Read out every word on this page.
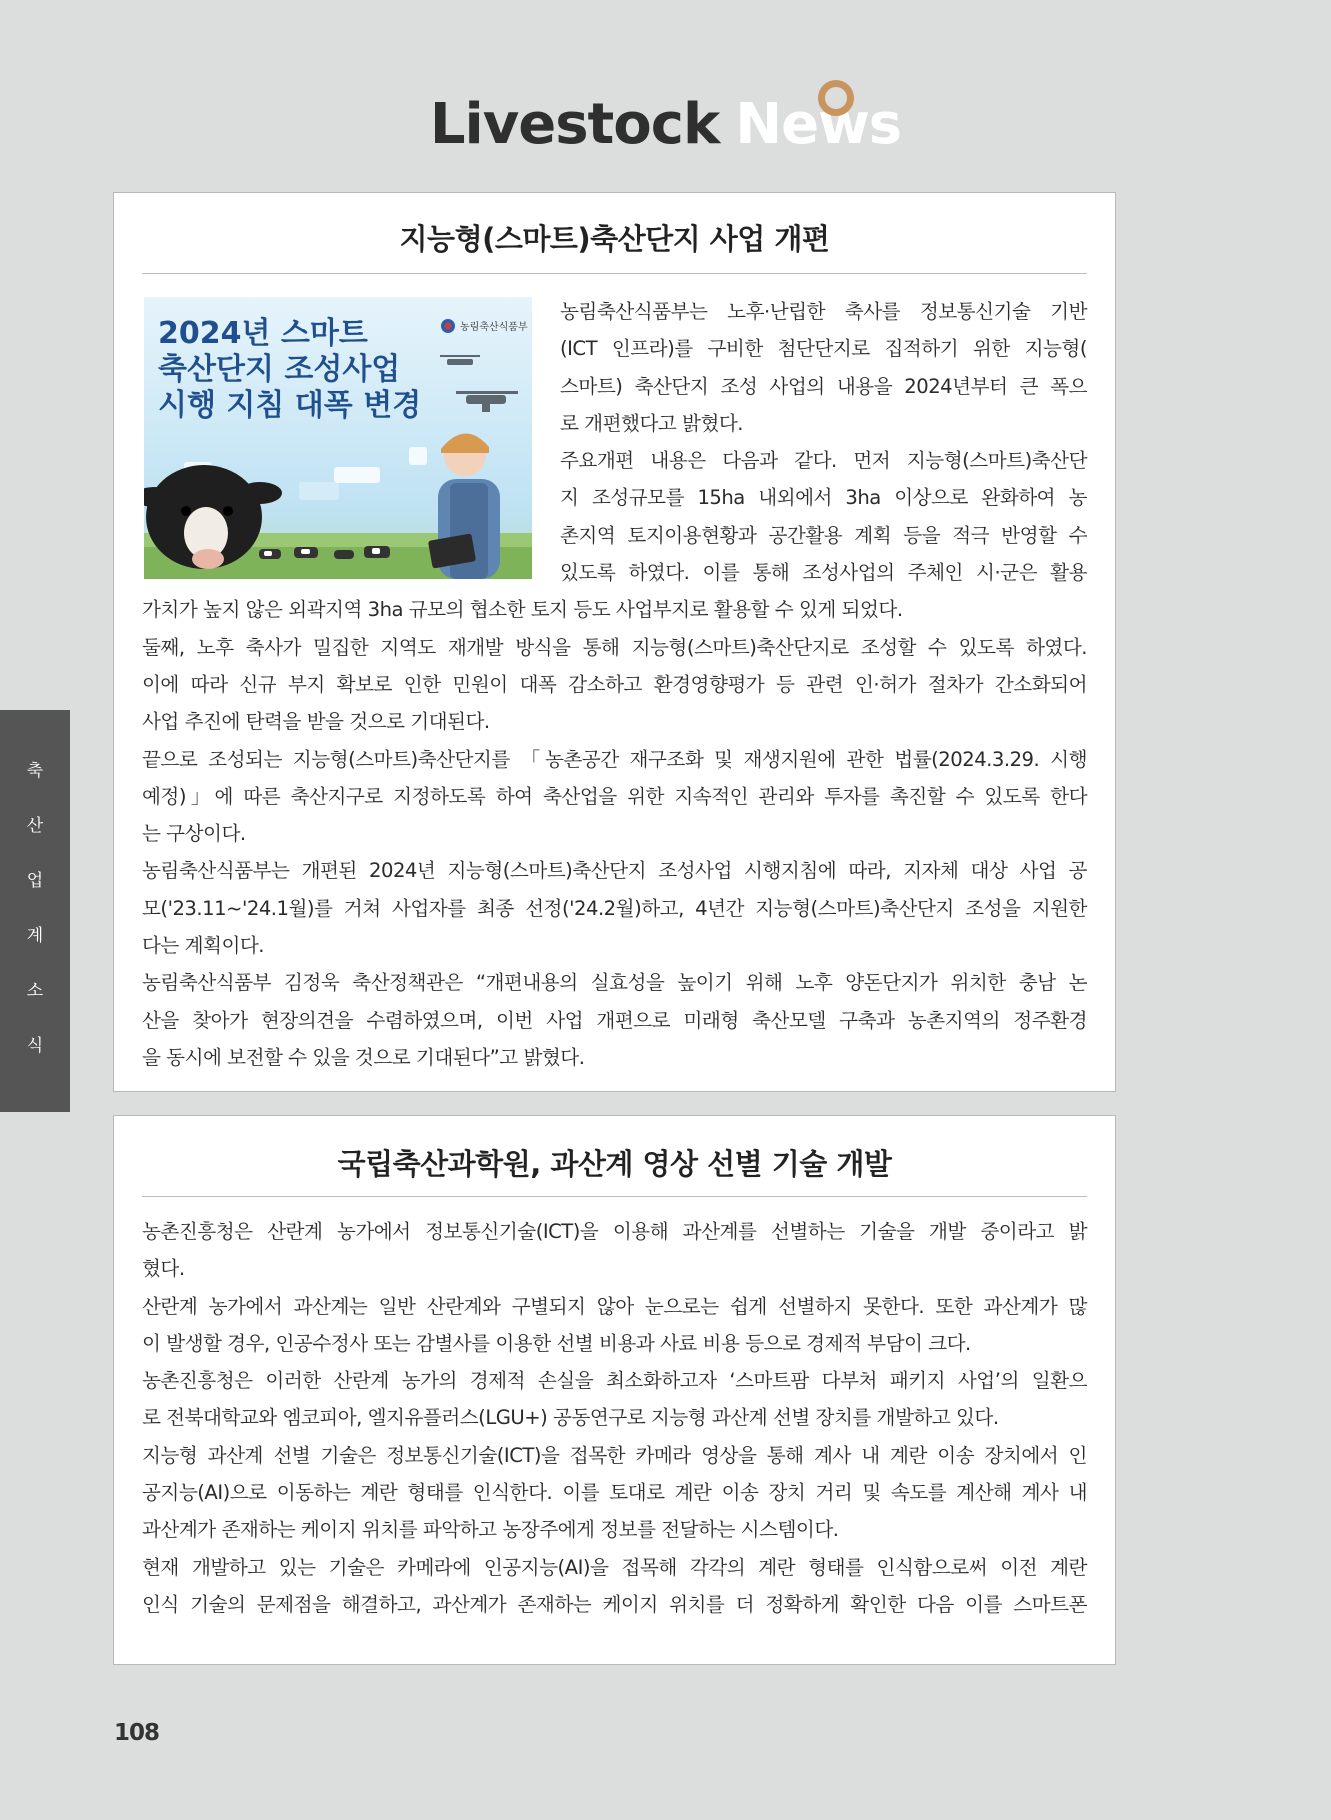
Livestock News
축
산
업
계
소
식
지능형(스마트)축산단지 사업 개편
농림축산식품부는 노후·난립한 축사를 정보통신기술 기반
(ICT 인프라)를 구비한 첨단단지로 집적하기 위한 지능형(
스마트) 축산단지 조성 사업의 내용을 2024년부터 큰 폭으
로 개편했다고 밝혔다.
주요개편 내용은 다음과 같다. 먼저 지능형(스마트)축산단
지 조성규모를 15ha 내외에서 3ha 이상으로 완화하여 농
촌지역 토지이용현황과 공간활용 계획 등을 적극 반영할 수
있도록 하였다. 이를 통해 조성사업의 주체인 시·군은 활용
가치가 높지 않은 외곽지역 3ha 규모의 협소한 토지 등도 사업부지로 활용할 수 있게 되었다.
둘째, 노후 축사가 밀집한 지역도 재개발 방식을 통해 지능형(스마트)축산단지로 조성할 수 있도록 하였다.
이에 따라 신규 부지 확보로 인한 민원이 대폭 감소하고 환경영향평가 등 관련 인·허가 절차가 간소화되어
사업 추진에 탄력을 받을 것으로 기대된다.
끝으로 조성되는 지능형(스마트)축산단지를 「농촌공간 재구조화 및 재생지원에 관한 법률(2024.3.29. 시행
예정)」에 따른 축산지구로 지정하도록 하여 축산업을 위한 지속적인 관리와 투자를 촉진할 수 있도록 한다
는 구상이다.
농림축산식품부는 개편된 2024년 지능형(스마트)축산단지 조성사업 시행지침에 따라, 지자체 대상 사업 공
모('23.11~'24.1월)를 거쳐 사업자를 최종 선정('24.2월)하고, 4년간 지능형(스마트)축산단지 조성을 지원한
다는 계획이다.
농림축산식품부 김정욱 축산정책관은 “개편내용의 실효성을 높이기 위해 노후 양돈단지가 위치한 충남 논
산을 찾아가 현장의견을 수렴하였으며, 이번 사업 개편으로 미래형 축산모델 구축과 농촌지역의 정주환경
을 동시에 보전할 수 있을 것으로 기대된다”고 밝혔다.
농림축산식품부
2024년 스마트
축산단지 조성사업
시행 지침 대폭 변경
국립축산과학원, 과산계 영상 선별 기술 개발
농촌진흥청은 산란계 농가에서 정보통신기술(ICT)을 이용해 과산계를 선별하는 기술을 개발 중이라고 밝
혔다.
산란계 농가에서 과산계는 일반 산란계와 구별되지 않아 눈으로는 쉽게 선별하지 못한다. 또한 과산계가 많
이 발생할 경우, 인공수정사 또는 감별사를 이용한 선별 비용과 사료 비용 등으로 경제적 부담이 크다.
농촌진흥청은 이러한 산란계 농가의 경제적 손실을 최소화하고자 ‘스마트팜 다부처 패키지 사업’의 일환으
로 전북대학교와 엠코피아, 엘지유플러스(LGU+) 공동연구로 지능형 과산계 선별 장치를 개발하고 있다.
지능형 과산계 선별 기술은 정보통신기술(ICT)을 접목한 카메라 영상을 통해 계사 내 계란 이송 장치에서 인
공지능(AI)으로 이동하는 계란 형태를 인식한다. 이를 토대로 계란 이송 장치 거리 및 속도를 계산해 계사 내
과산계가 존재하는 케이지 위치를 파악하고 농장주에게 정보를 전달하는 시스템이다.
현재 개발하고 있는 기술은 카메라에 인공지능(AI)을 접목해 각각의 계란 형태를 인식함으로써 이전 계란
인식 기술의 문제점을 해결하고, 과산계가 존재하는 케이지 위치를 더 정확하게 확인한 다음 이를 스마트폰
108
